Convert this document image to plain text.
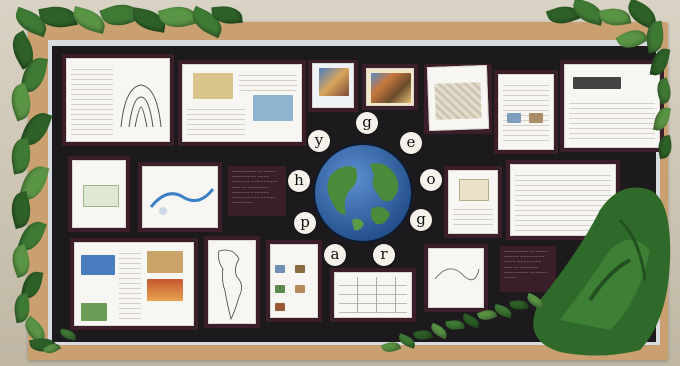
~~~~~~~~ ~~~~~~ ~~~~~~~~ ~~~~ ~~~~~~ ~~~~~~~~~ ~~~~~ ~~~~~~~ ~~~~~~~ ~~~~~ ~~~~~~~~~ ~~~~~ ~~~~~~~
g
e
o
g
r
a
p
h
y
~~~~~~~~ ~~~~~~ ~~~~~ ~~~~~~~~ ~~~~ ~~~~~~~~ ~~~~~ ~~~~~~ ~~~~~~~~ ~~~~~~ ~~~~
